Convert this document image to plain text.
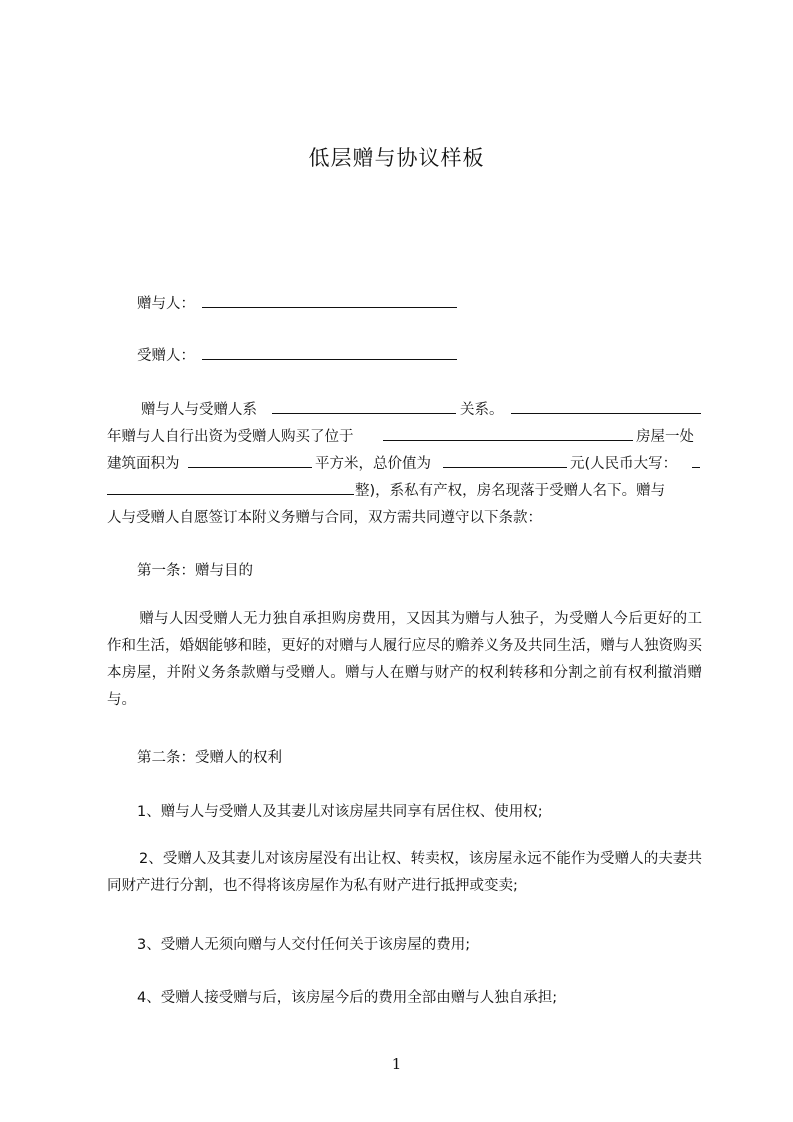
低层赠与协议样板
赠与人：
受赠人：
赠与人与受赠人系	关系。
年赠与人自行出资为受赠人购买了位于	房屋一处
建筑面积为	平方米，总价值为	元(人民币大写：
整)，系私有产权，房名现落于受赠人名下。赠与
人与受赠人自愿签订本附义务赠与合同，双方需共同遵守以下条款：
第一条：赠与目的
赠与人因受赠人无力独自承担购房费用，又因其为赠与人独子，为受赠人今后更好的工作和生活，婚姻能够和睦，更好的对赠与人履行应尽的赡养义务及共同生活，赠与人独资购买本房屋，并附义务条款赠与受赠人。赠与人在赠与财产的权利转移和分割之前有权利撤消赠与。
第二条：受赠人的权利
1、赠与人与受赠人及其妻儿对该房屋共同享有居住权、使用权;
2、受赠人及其妻儿对该房屋没有出让权、转卖权，该房屋永远不能作为受赠人的夫妻共同财产进行分割，也不得将该房屋作为私有财产进行抵押或变卖;
3、受赠人无须向赠与人交付任何关于该房屋的费用;
4、受赠人接受赠与后，该房屋今后的费用全部由赠与人独自承担;
1
